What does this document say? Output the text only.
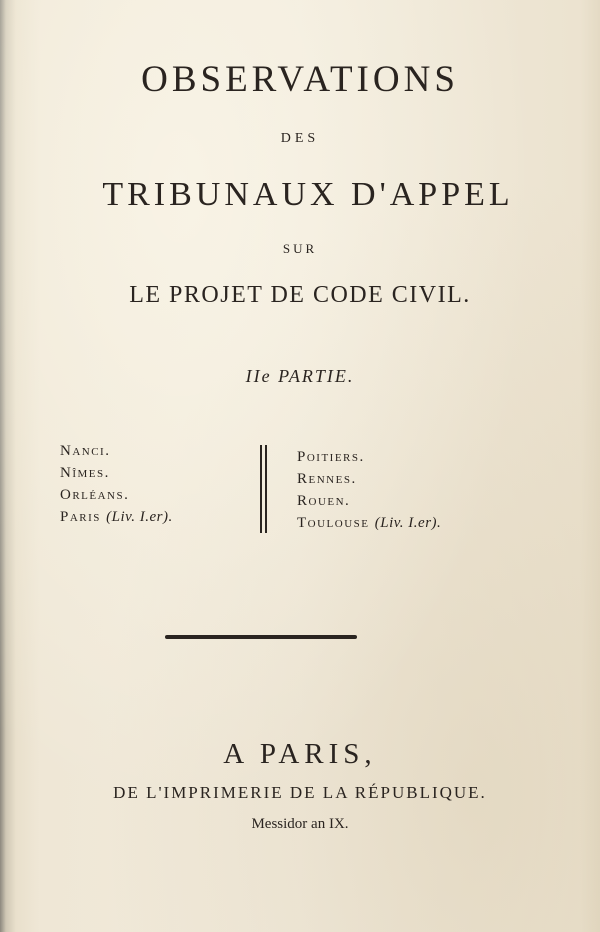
OBSERVATIONS
DES
TRIBUNAUX D'APPEL
SUR
LE PROJET DE CODE CIVIL.
IIe PARTIE.
Nanci.
Nîmes.
Orléans.
Paris (Liv. I.er).
Poitiers.
Rennes.
Rouen.
Toulouse (Liv. I.er).
A PARIS,
DE L'IMPRIMERIE DE LA RÉPUBLIQUE.
Messidor an IX.
